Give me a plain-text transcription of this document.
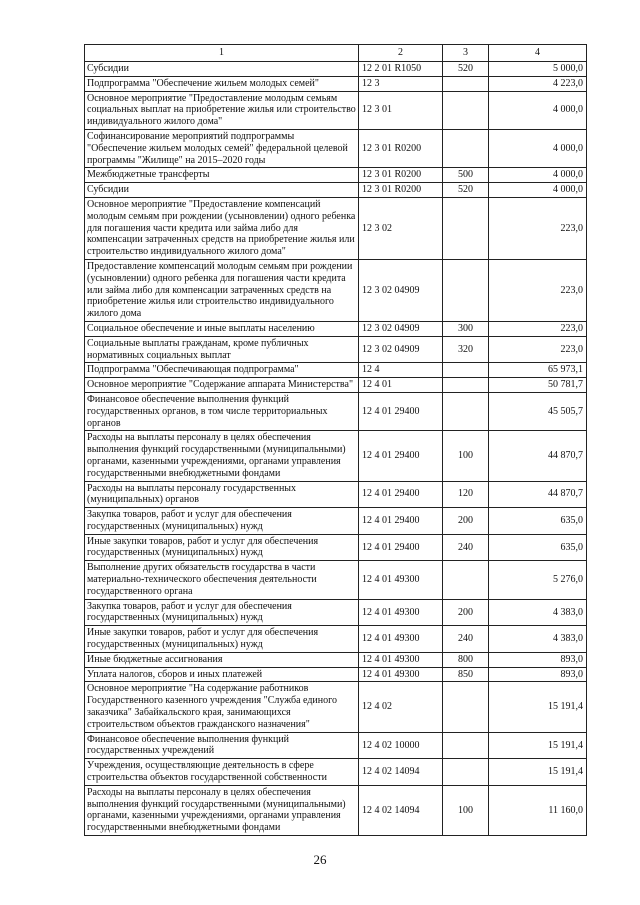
1	2	3	4
Субсидии	12 2 01 R1050	520	5 000,0
Подпрограмма "Обеспечение жильем молодых семей"	12 3		4 223,0
Основное мероприятие "Предоставление молодым семьям социальных выплат на приобретение жилья или строительство индивидуального жилого дома"	12 3 01		4 000,0
Софинансирование мероприятий подпрограммы "Обеспечение жильем молодых семей" федеральной целевой программы "Жилище" на 2015–2020 годы	12 3 01 R0200		4 000,0
Межбюджетные трансферты	12 3 01 R0200	500	4 000,0
Субсидии	12 3 01 R0200	520	4 000,0
Основное мероприятие "Предоставление компенсаций молодым семьям при рождении (усыновлении) одного ребенка для погашения части кредита или займа либо для компенсации затраченных средств на приобретение жилья или строительство индивидуального жилого дома"	12 3 02		223,0
Предоставление компенсаций молодым семьям при рождении (усыновлении) одного ребенка для погашения части кредита или займа либо для компенсации затраченных средств на приобретение жилья или строительство индивидуального жилого дома	12 3 02 04909		223,0
Социальное обеспечение и иные выплаты населению	12 3 02 04909	300	223,0
Социальные выплаты гражданам, кроме публичных нормативных социальных выплат	12 3 02 04909	320	223,0
Подпрограмма "Обеспечивающая подпрограмма"	12 4		65 973,1
Основное мероприятие "Содержание аппарата Министерства"	12 4 01		50 781,7
Финансовое обеспечение выполнения функций государственных органов, в том числе территориальных органов	12 4 01 29400		45 505,7
Расходы на выплаты персоналу в целях обеспечения выполнения функций государственными (муниципальными) органами, казенными учреждениями, органами управления государственными внебюджетными фондами	12 4 01 29400	100	44 870,7
Расходы на выплаты персоналу государственных (муниципальных) органов	12 4 01 29400	120	44 870,7
Закупка товаров, работ и услуг для обеспечения государственных (муниципальных) нужд	12 4 01 29400	200	635,0
Иные закупки товаров, работ и услуг для обеспечения государственных (муниципальных) нужд	12 4 01 29400	240	635,0
Выполнение других обязательств государства в части материально-технического обеспечения деятельности государственного органа	12 4 01 49300		5 276,0
Закупка товаров, работ и услуг для обеспечения государственных (муниципальных) нужд	12 4 01 49300	200	4 383,0
Иные закупки товаров, работ и услуг для обеспечения государственных (муниципальных) нужд	12 4 01 49300	240	4 383,0
Иные бюджетные ассигнования	12 4 01 49300	800	893,0
Уплата налогов, сборов и иных платежей	12 4 01 49300	850	893,0
Основное мероприятие "На содержание работников Государственного казенного учреждения "Служба единого заказчика" Забайкальского края, занимающихся строительством объектов гражданского назначения"	12 4 02		15 191,4
Финансовое обеспечение выполнения функций государственных учреждений	12 4 02 10000		15 191,4
Учреждения, осуществляющие деятельность в сфере строительства объектов государственной собственности	12 4 02 14094		15 191,4
Расходы на выплаты персоналу в целях обеспечения выполнения функций государственными (муниципальными) органами, казенными учреждениями, органами управления государственными внебюджетными фондами	12 4 02 14094	100	11 160,0
26
